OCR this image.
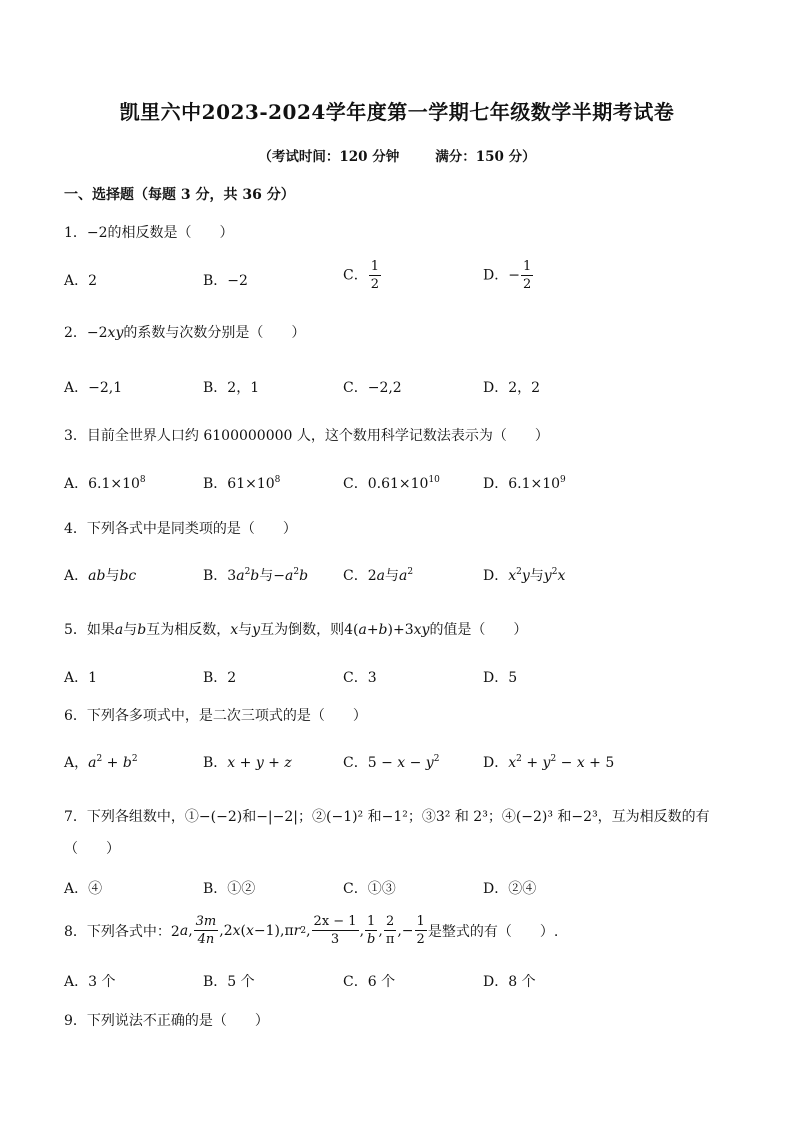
凯里六中2023-2024学年度第一学期七年级数学半期考试卷
（考试时间：120 分钟	满分：150 分）
一、选择题（每题 3 分，共 36 分）
1．−2的相反数是（　　）
A．2	B．−2	C． $\frac{1}{2}$	D．− $\frac{1}{2}$
2．−2xy的系数与次数分别是（　　）
A．−2,1	B．2，1	C．−2,2	D．2，2
3．目前全世界人口约 6100000000 人，这个数用科学记数法表示为（　　）
A．$6.1\times 10^8$	B．$61\times 10^8$	C．$0.61\times 10^{10}$	D．$6.1\times 10^9$
4．下列各式中是同类项的是（　　）
A．ab与bc	B．$3a^2b$与$-a^2b$ C．2a与$a^2$	D．$x^2y$与$y^2x$
5．如果a与b互为相反数，x与y互为倒数，则4(a+b)+3xy的值是（　　）
A．1	B．2	C．3	D．5
6．下列各多项式中，是二次三项式的是（　　）
A，$a^2 + b^2$	B．x + y + z	C．$5 - x - y^2$	D．$x^2 + y^2 - x + 5$
7．下列各组数中，①−(−2)和−|−2|；②(−1)² 和−1²；③3² 和 2³；④(−2)³ 和−2³，互为相反数的有（　　）
A．④	B．①②	C．①③	D．②④
8．下列各式中：2 a , $\frac{3m}{4n} ,2$ x ( x −1),π r 2 , $\frac{2x - 1}{3}$ , $\frac{1}{b}$ , $\frac{2}{\pi}$ ,− $\frac{1}{2}$ 是整式的有（　　）.
A．3 个	B．5 个	C．6 个	D．8 个
9．下列说法不正确的是（　　）
